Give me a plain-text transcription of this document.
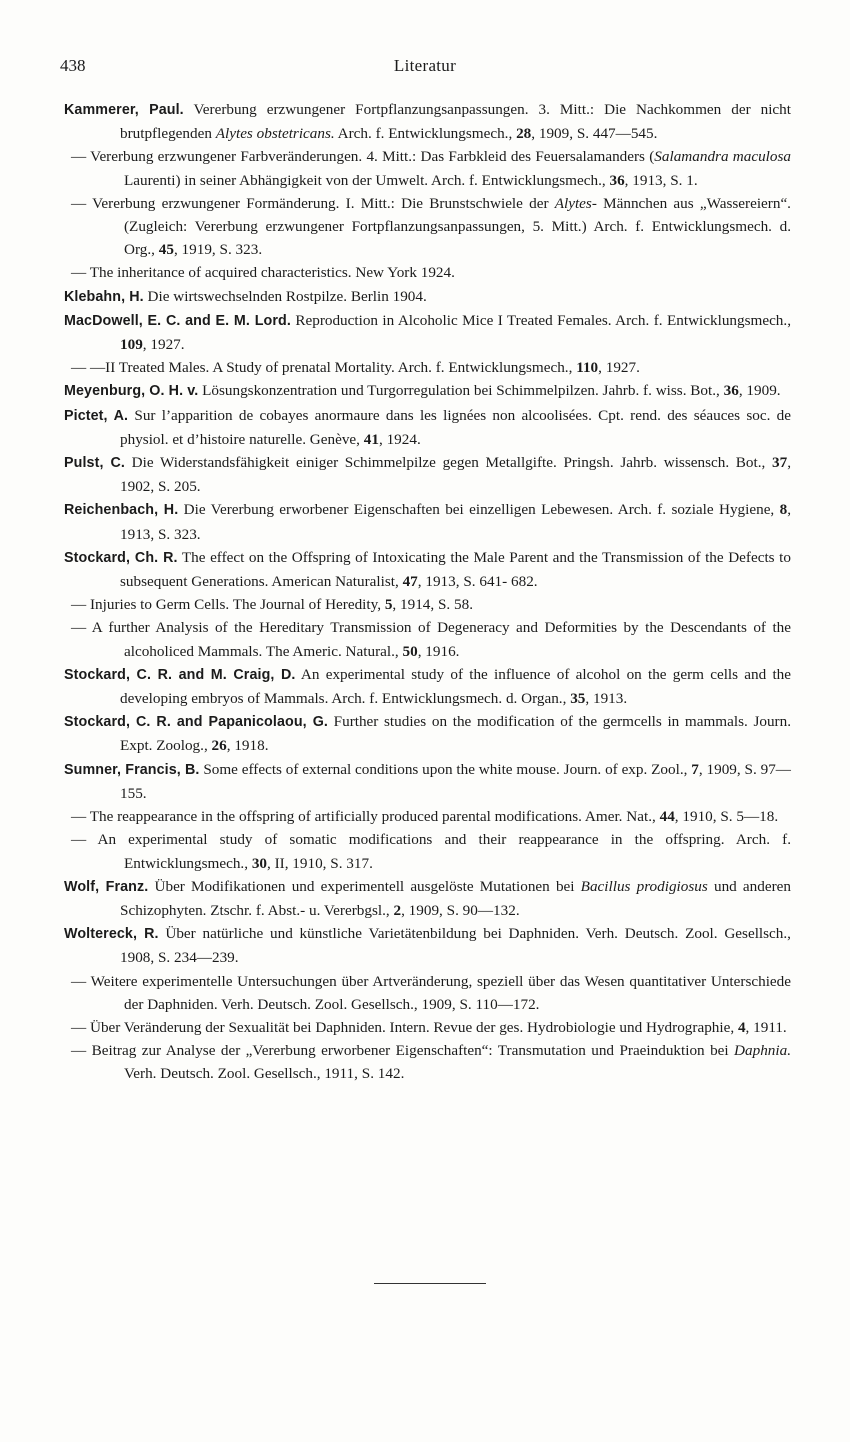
438	Literatur
Kammerer, Paul. Vererbung erzwungener Fortpflanzungsanpassungen. 3. Mitt.: Die Nachkommen der nicht brutpflegenden Alytes obstetricans. Arch. f. Entwicklungsmech., 28, 1909, S. 447—545.
— Vererbung erzwungener Farbveränderungen. 4. Mitt.: Das Farbkleid des Feuersalamanders (Salamandra maculosa Laurenti) in seiner Abhängigkeit von der Umwelt. Arch. f. Entwicklungsmech., 36, 1913, S. 1.
— Vererbung erzwungener Formänderung. I. Mitt.: Die Brunstschwiele der Alytes- Männchen aus „Wassereiern“. (Zugleich: Vererbung erzwungener Fortpflanzungsanpassungen, 5. Mitt.) Arch. f. Entwicklungsmech. d. Org., 45, 1919, S. 323.
— The inheritance of acquired characteristics. New York 1924.
Klebahn, H. Die wirtswechselnden Rostpilze. Berlin 1904.
MacDowell, E. C. and E. M. Lord. Reproduction in Alcoholic Mice I Treated Females. Arch. f. Entwicklungsmech., 109, 1927.
— —II Treated Males. A Study of prenatal Mortality. Arch. f. Entwicklungsmech., 110, 1927.
Meyenburg, O. H. v. Lösungskonzentration und Turgorregulation bei Schimmelpilzen. Jahrb. f. wiss. Bot., 36, 1909.
Pictet, A. Sur l’apparition de cobayes anormaure dans les lignées non alcoolisées. Cpt. rend. des séauces soc. de physiol. et d’histoire naturelle. Genève, 41, 1924.
Pulst, C. Die Widerstandsfähigkeit einiger Schimmelpilze gegen Metallgifte. Pringsh. Jahrb. wissensch. Bot., 37, 1902, S. 205.
Reichenbach, H. Die Vererbung erworbener Eigenschaften bei einzelligen Lebewesen. Arch. f. soziale Hygiene, 8, 1913, S. 323.
Stockard, Ch. R. The effect on the Offspring of Intoxicating the Male Parent and the Transmission of the Defects to subsequent Generations. American Naturalist, 47, 1913, S. 641- 682.
— Injuries to Germ Cells. The Journal of Heredity, 5, 1914, S. 58.
— A further Analysis of the Hereditary Transmission of Degeneracy and Deformities by the Descendants of the alcoholiced Mammals. The Americ. Natural., 50, 1916.
Stockard, C. R. and M. Craig, D. An experimental study of the influence of alcohol on the germ cells and the developing embryos of Mammals. Arch. f. Entwicklungsmech. d. Organ., 35, 1913.
Stockard, C. R. and Papanicolaou, G. Further studies on the modification of the germcells in mammals. Journ. Expt. Zoolog., 26, 1918.
Sumner, Francis, B. Some effects of external conditions upon the white mouse. Journ. of exp. Zool., 7, 1909, S. 97—155.
— The reappearance in the offspring of artificially produced parental modifications. Amer. Nat., 44, 1910, S. 5—18.
— An experimental study of somatic modifications and their reappearance in the offspring. Arch. f. Entwicklungsmech., 30, II, 1910, S. 317.
Wolf, Franz. Über Modifikationen und experimentell ausgelöste Mutationen bei Bacillus prodigiosus und anderen Schizophyten. Ztschr. f. Abst.- u. Vererbgsl., 2, 1909, S. 90—132.
Woltereck, R. Über natürliche und künstliche Varietätenbildung bei Daphniden. Verh. Deutsch. Zool. Gesellsch., 1908, S. 234—239.
— Weitere experimentelle Untersuchungen über Artveränderung, speziell über das Wesen quantitativer Unterschiede der Daphniden. Verh. Deutsch. Zool. Gesellsch., 1909, S. 110—172.
— Über Veränderung der Sexualität bei Daphniden. Intern. Revue der ges. Hydrobiologie und Hydrographie, 4, 1911.
— Beitrag zur Analyse der „Vererbung erworbener Eigenschaften“: Transmutation und Praeinduktion bei Daphnia. Verh. Deutsch. Zool. Gesellsch., 1911, S. 142.
